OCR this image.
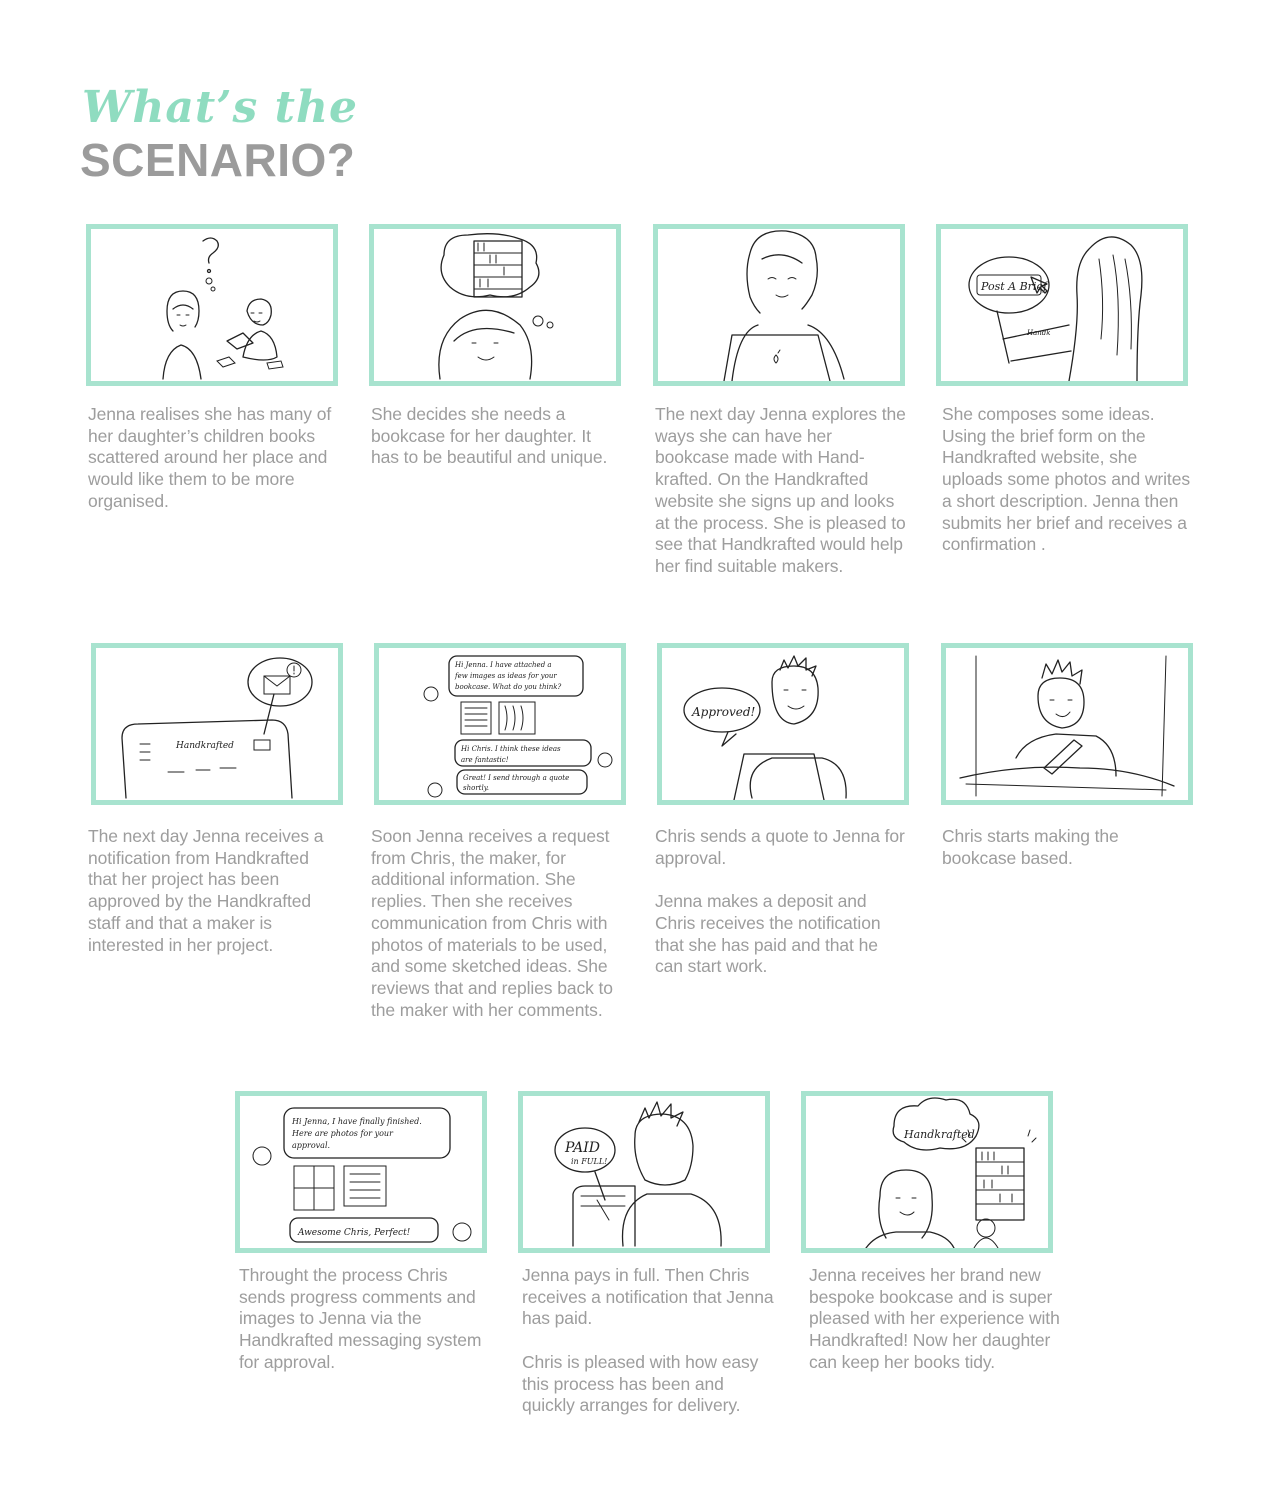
What’s the
SCENARIO?
Jenna realises she has many of her daughter’s children books scattered around her place and would like them to be more organised.
She decides she needs a bookcase for her daughter. It has to be beautiful and unique.
The next day Jenna explores the ways she can have her bookcase made with Hand-krafted. On the Handkrafted website she signs up and looks at the process. She is pleased to see that Handkrafted would help her find suitable makers.
Post A Brief
Handk
She composes some ideas. Using the brief form on the Handkrafted website, she uploads some photos and writes a short description. Jenna then submits her brief and receives a confirmation .
Handkrafted
The next day Jenna receives a notification from Handkrafted that her project has been approved by the Handkrafted staff and that a maker is interested in her project.
Hi Jenna. I have attached a
few images as ideas for your
bookcase. What do you think?
Hi Chris. I think these ideas
are fantastic!
Great! I send through a quote
shortly.
Soon Jenna receives a request from Chris, the maker, for additional information. She replies. Then she receives communication from Chris with photos of materials to be used, and some sketched ideas. She reviews that and replies back to the maker with her comments.
Approved!
Chris sends a quote to Jenna for approval.

Jenna makes a deposit and Chris receives the notification that she has paid and that he can start work.
Chris starts making the bookcase based.
Hi Jenna, I have finally finished.
Here are photos for your
approval.
Awesome Chris, Perfect!
Throught the process Chris sends progress comments and images to Jenna via the Handkrafted messaging system for approval.
PAID
in FULL!
Jenna pays in full. Then Chris receives a notification that Jenna has paid.

Chris is pleased with how easy this process has been and quickly arranges for delivery.
Handkrafted
Jenna receives her brand new bespoke bookcase and is super pleased with her experience with Handkrafted! Now her daughter can keep her books tidy.
